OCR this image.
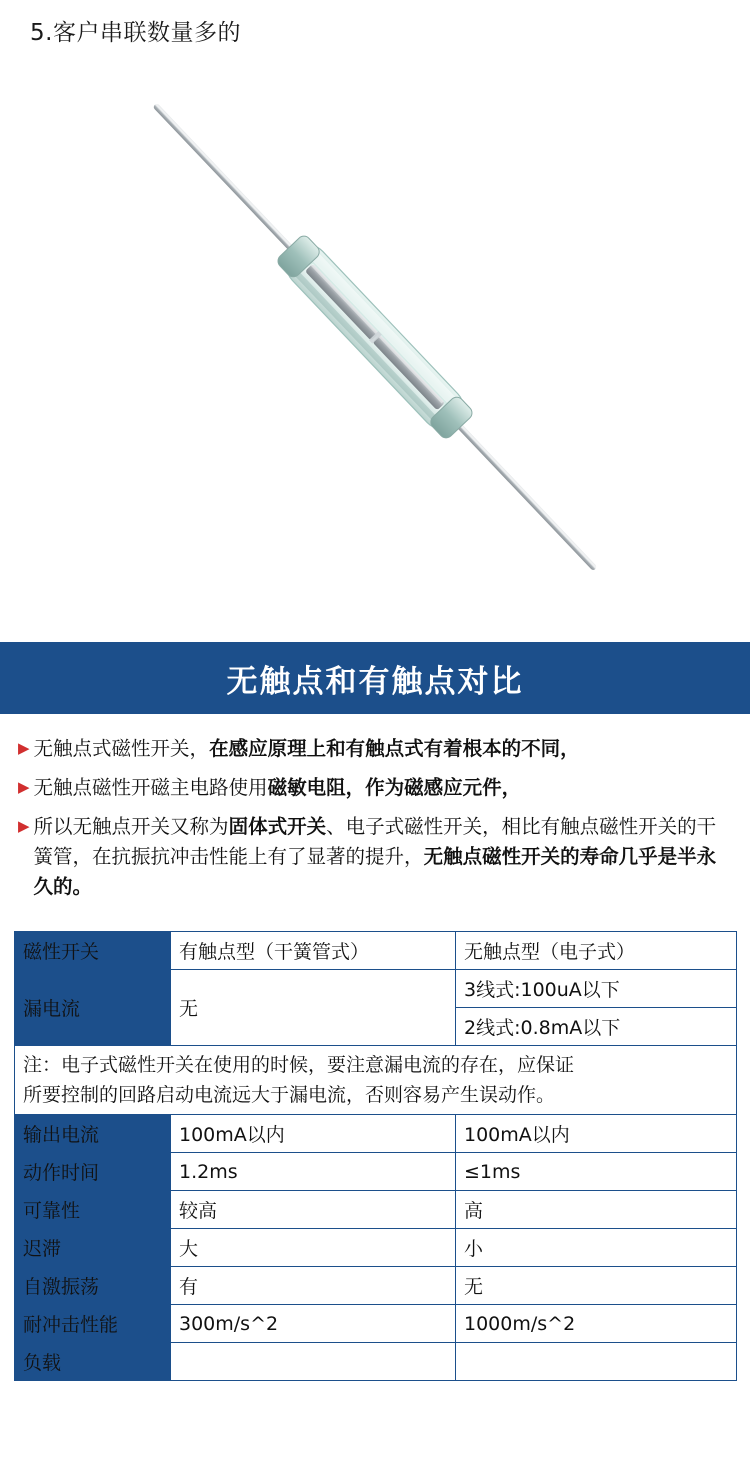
5.客户串联数量多的
无触点和有触点对比
▶ 无触点式磁性开关，在感应原理上和有触点式有着根本的不同，
▶ 无触点磁性开磁主电路使用磁敏电阻，作为磁感应元件，
▶ 所以无触点开关又称为固体式开关、电子式磁性开关，相比有触点磁性开关的干簧管，在抗振抗冲击性能上有了显著的提升，无触点磁性开关的寿命几乎是半永久的。
磁性开关	有触点型（干簧管式）	无触点型（电子式）
漏电流	无	3线式:100uA以下
		2线式:0.8mA以下

注：电子式磁性开关在使用的时候，要注意漏电流的存在，应保证
所要控制的回路启动电流远大于漏电流，否则容易产生误动作。		

输出电流	100mA以内	100mA以内
动作时间	1.2ms	≤1ms
可靠性	较高	高
迟滞	大	小
自激振荡	有	无
耐冲击性能	300m/s^2	1000m/s^2
负载		
